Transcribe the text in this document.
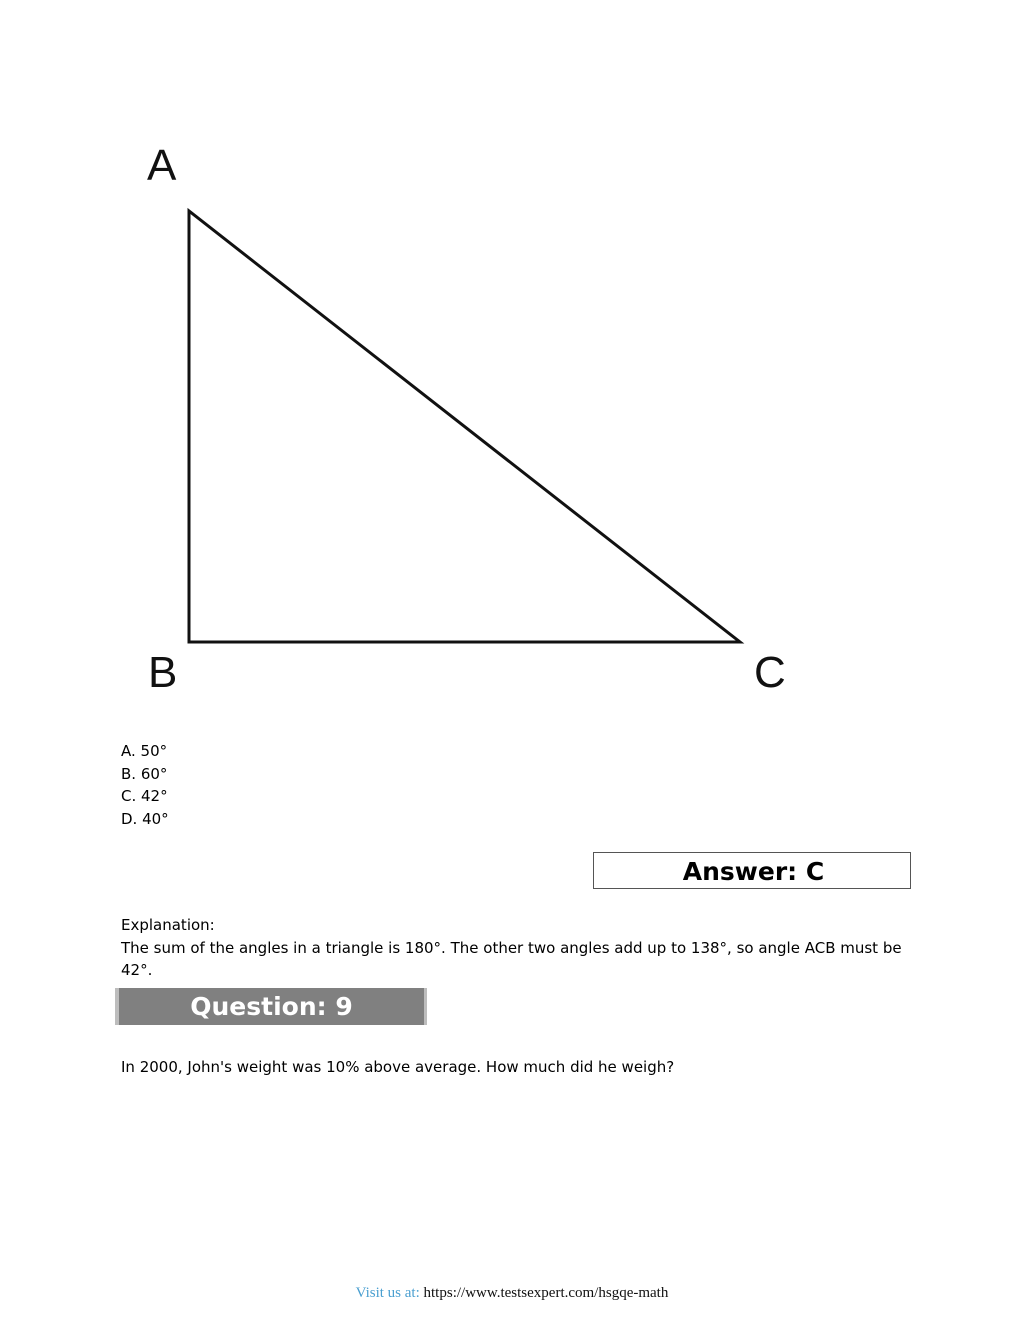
A
B	C
A. 50°
B. 60°
C. 42°
D. 40°
Answer: C
Explanation:
The sum of the angles in a triangle is 180°. The other two angles add up to 138°, so angle ACB must be 42°.
Question: 9
In 2000, John's weight was 10% above average. How much did he weigh?
Visit us at: https://www.testsexpert.com/hsgqe-math
